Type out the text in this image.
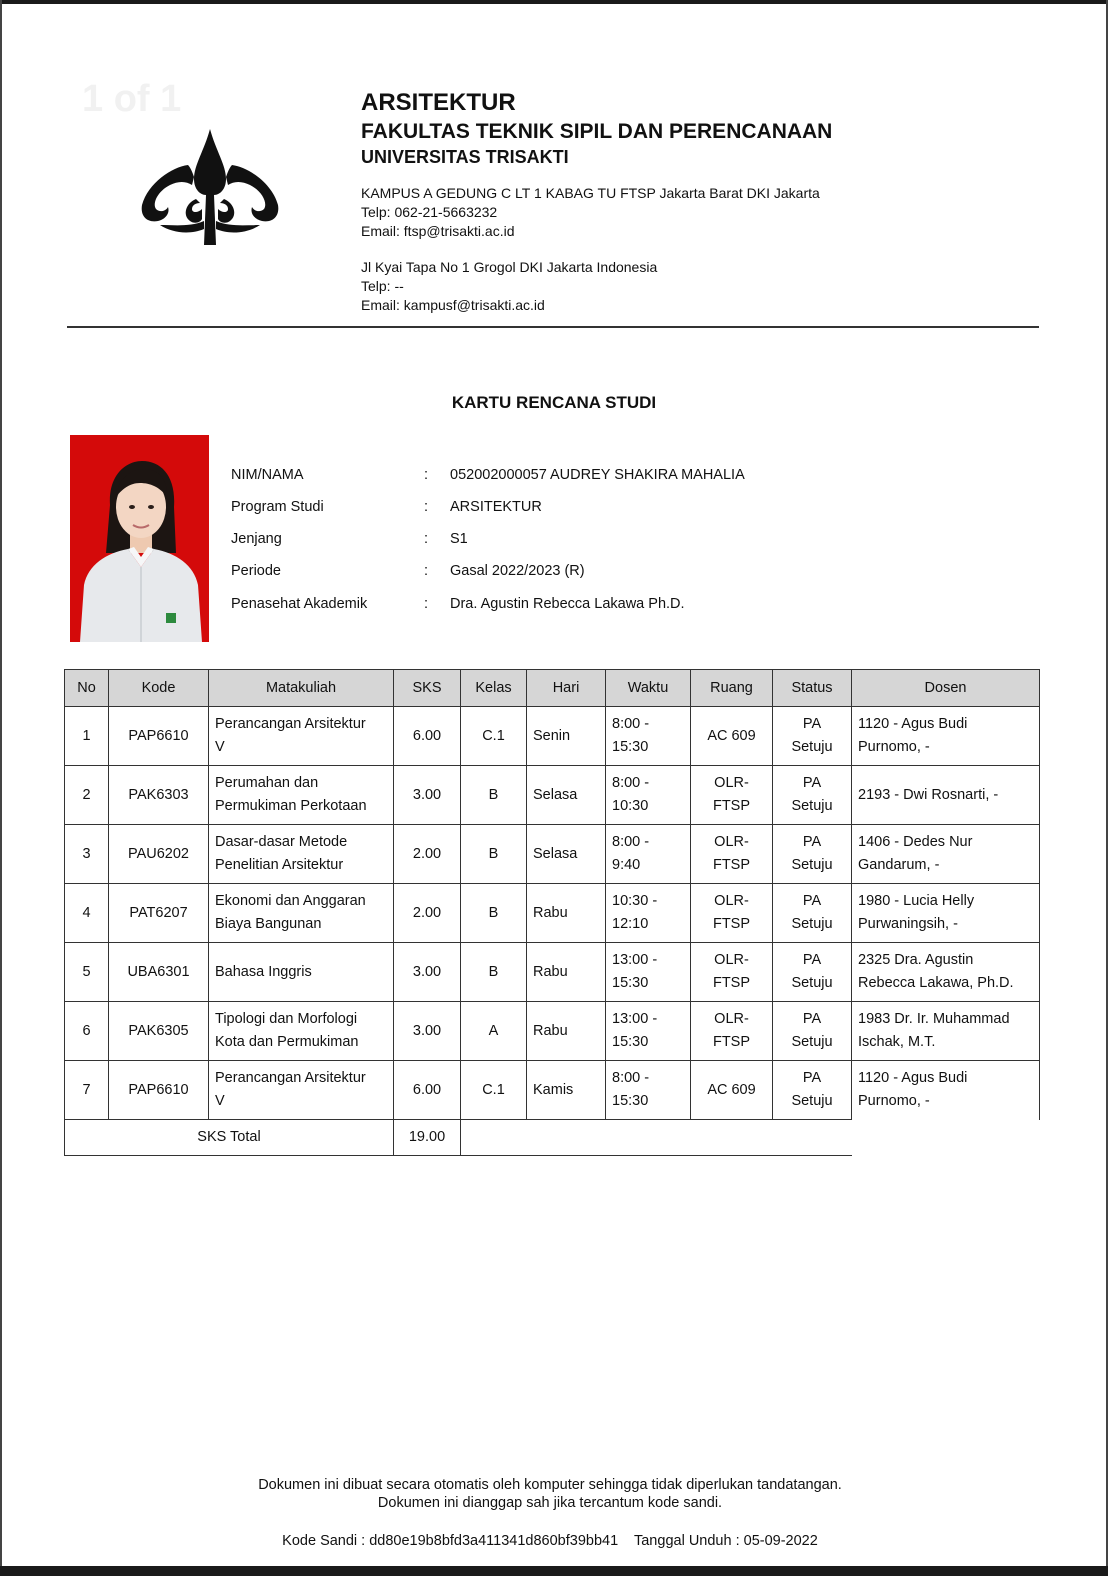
1 of 1	ARSITEKTUR
FAKULTAS TEKNIK SIPIL DAN PERENCANAAN
UNIVERSITAS TRISAKTI
KAMPUS A GEDUNG C LT 1 KABAG TU FTSP Jakarta Barat DKI Jakarta
Telp: 062-21-5663232
Email: ftsp@trisakti.ac.id
Jl Kyai Tapa No 1 Grogol DKI Jakarta Indonesia
Telp: --
Email: kampusf@trisakti.ac.id
KARTU RENCANA STUDI
NIM/NAMA	: 052002000057 AUDREY SHAKIRA MAHALIA
Program Studi	: ARSITEKTUR
Jenjang	: S1
Periode	: Gasal 2022/2023 (R)
Penasehat Akademik	: Dra. Agustin Rebecca Lakawa Ph.D.
No	Kode	Matakuliah	SKS	Kelas	Hari	Waktu	Ruang	Status	Dosen
1	PAP6610	Perancangan Arsitektur
V	6.00	C.1	Senin	8:00 -
15:30	AC 609	PA
Setuju	1120 - Agus Budi
Purnomo, -
2	PAK6303	Perumahan dan
Permukiman Perkotaan	3.00	B	Selasa	8:00 -
10:30	OLR-
FTSP	PA
Setuju	2193 - Dwi Rosnarti, -
3	PAU6202	Dasar-dasar Metode
Penelitian Arsitektur	2.00	B	Selasa	8:00 -
9:40	OLR-
FTSP	PA
Setuju	1406 - Dedes Nur
Gandarum, -
4	PAT6207	Ekonomi dan Anggaran
Biaya Bangunan	2.00	B	Rabu	10:30 -
12:10	OLR-
FTSP	PA
Setuju	1980 - Lucia Helly
Purwaningsih, -
5	UBA6301	Bahasa Inggris	3.00	B	Rabu	13:00 -
15:30	OLR-
FTSP	PA
Setuju	2325 Dra. Agustin
Rebecca Lakawa, Ph.D.
6	PAK6305	Tipologi dan Morfologi
Kota dan Permukiman	3.00	A	Rabu	13:00 -
15:30	OLR-
FTSP	PA
Setuju	1983 Dr. Ir. Muhammad
Ischak, M.T.
7	PAP6610	Perancangan Arsitektur
V	6.00	C.1	Kamis	8:00 -
15:30	AC 609	PA
Setuju	1120 - Agus Budi
Purnomo, -
SKS Total			19.00						
Dokumen ini dibuat secara otomatis oleh komputer sehingga tidak diperlukan tandatangan.
Dokumen ini dianggap sah jika tercantum kode sandi.
Kode Sandi : dd80e19b8bfd3a411341d860bf39bb41    Tanggal Unduh : 05-09-2022
